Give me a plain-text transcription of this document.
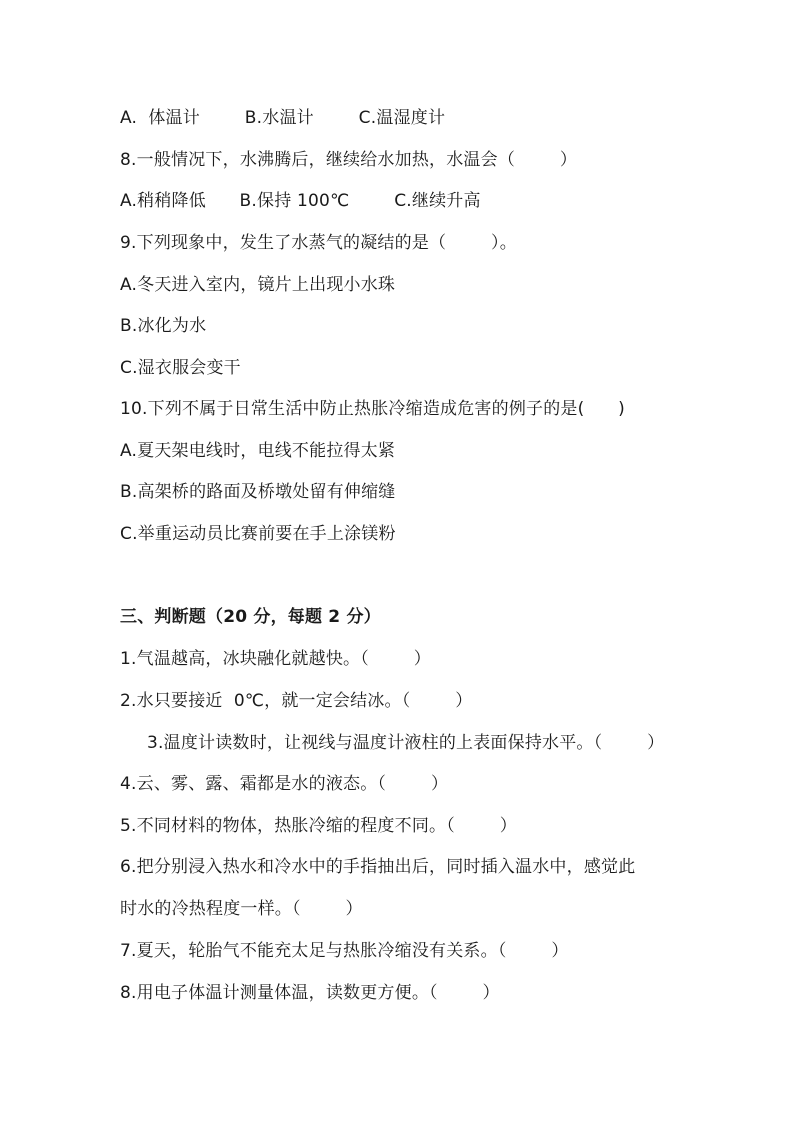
A.  体温计        B.水温计        C.温湿度计
8.一般情况下，水沸腾后，继续给水加热，水温会（        ）
A.稍稍降低      B.保持 100℃        C.继续升高
9.下列现象中，发生了水蒸气的凝结的是（        ）。
A.冬天进入室内，镜片上出现小水珠
B.冰化为水
C.湿衣服会变干
10.下列不属于日常生活中防止热胀冷缩造成危害的例子的是(      )
A.夏天架电线时，电线不能拉得太紧
B.高架桥的路面及桥墩处留有伸缩缝
C.举重运动员比赛前要在手上涂镁粉
三、判断题（20 分，每题 2 分）
1.气温越高，冰块融化就越快。（        ）
2.水只要接近  0℃，就一定会结冰。（        ）
3.温度计读数时，让视线与温度计液柱的上表面保持水平。（        ）
4.云、雾、露、霜都是水的液态。（        ）
5.不同材料的物体，热胀冷缩的程度不同。（        ）
6.把分别浸入热水和冷水中的手指抽出后，同时插入温水中，感觉此
时水的冷热程度一样。（        ）
7.夏天，轮胎气不能充太足与热胀冷缩没有关系。（        ）
8.用电子体温计测量体温，读数更方便。（        ）
